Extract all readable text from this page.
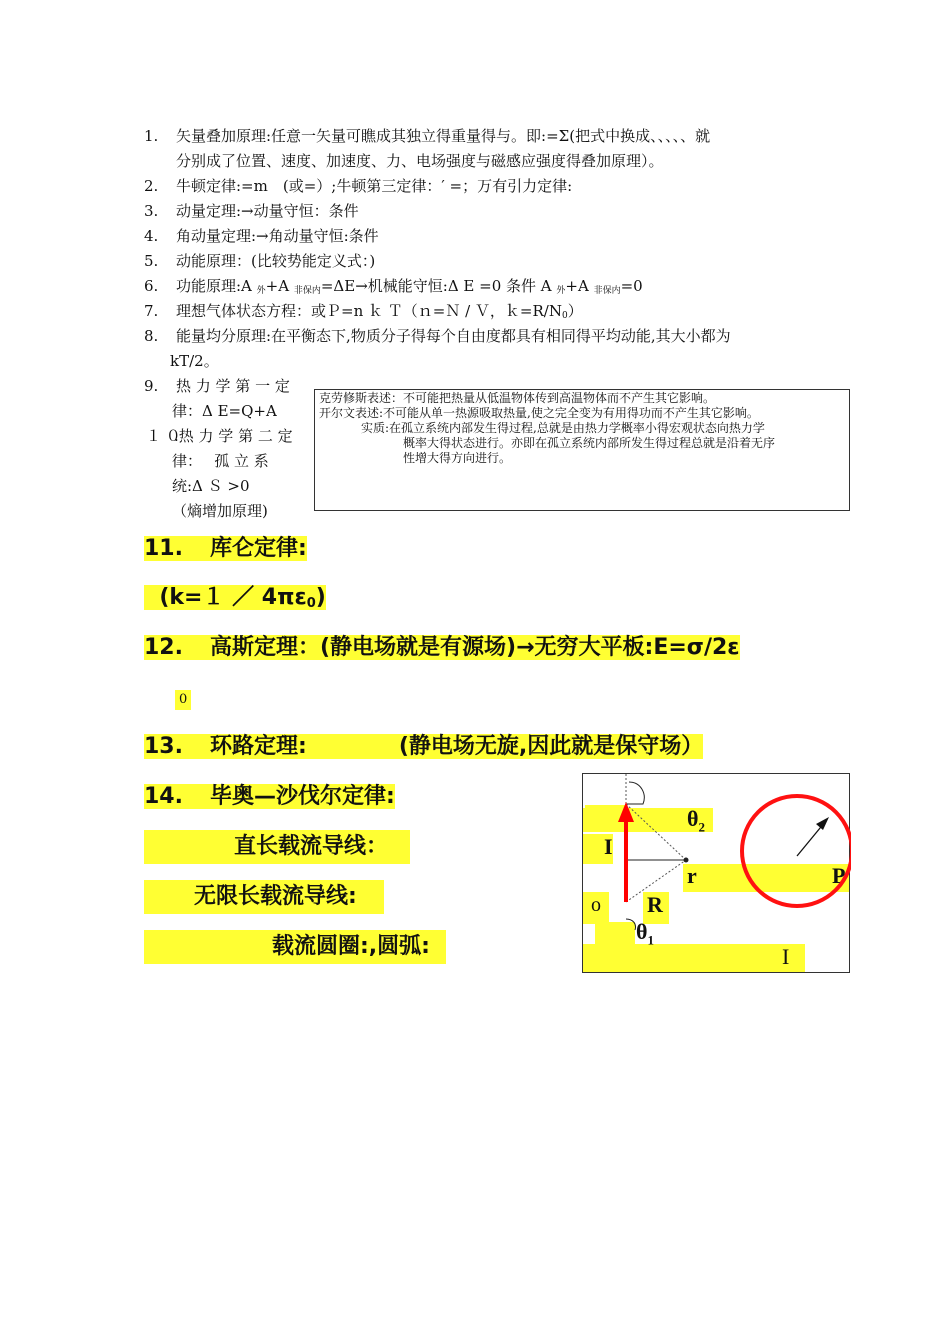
1. 矢量叠加原理:任意一矢量可瞧成其独立得重量得与。即:=Σ(把式中换成、、、、、就
分别成了位置、速度、加速度、力、电场强度与磁感应强度得叠加原理）。
2. 牛顿定律:=m　(或=）;牛顿第三定律：′ =；万有引力定律:
3. 动量定理:→动量守恒：条件
4. 角动量定理:→角动量守恒:条件
5. 动能原理：(比较势能定义式：)
6. 功能原理:A $_外$+A $_{非保内}$=ΔE→机械能守恒:Δ E =0 条件 A $_外$+A $_{非保内}$=0
7. 理想气体状态方程：或Ｐ=n ｋ Ｔ（ｎ=Ｎ / Ｖ，$k=R/N_0$）
8. 能量均分原理:在平衡态下,物质分子得每个自由度都具有相同得平均动能,其大小都为
kT/2。
9. 热 力 学 第 一 定
律：Δ E=Q+A
１ ０.热 力 学 第 二 定
律：　 孤 立 系
统:Δ Ｓ >0
（熵增加原理)
克劳修斯表述：不可能把热量从低温物体传到高温物体而不产生其它影响。
开尔文表述:不可能从单一热源吸取热量,使之完全变为有用得功而不产生其它影响。
实质:在孤立系统内部发生得过程,总就是由热力学概率小得宏观状态向热力学
概率大得状态进行。亦即在孤立系统内部所发生得过程总就是沿着无序
性增大得方向进行。
11. 库仑定律:
(k=１ ／ 4πε0)
12. 高斯定理：(静电场就是有源场)→无穷大平板:E=σ/2ε
0
13. 环路定理:	(静电场无旋,因此就是保守场）
14. 毕奥—沙伐尔定律:
直长载流导线：
无限长载流导线:
载流圆圈:,圆弧:
$\theta_2$
I
r	P
o R
$\theta_1$
I
